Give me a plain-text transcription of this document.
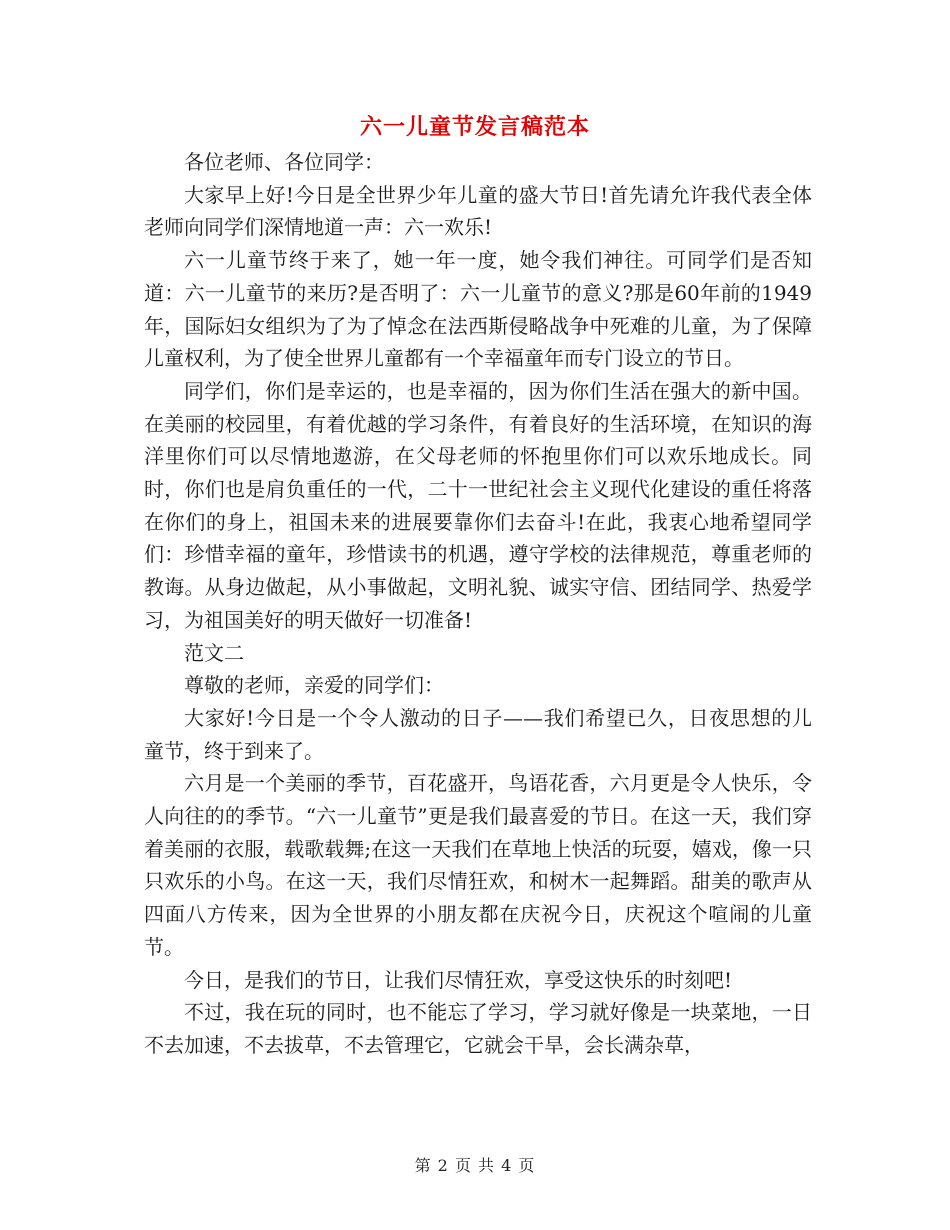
六一儿童节发言稿范本

各位老师、各位同学：

大家早上好!今日是全世界少年儿童的盛大节日!首先请允许我代表全体老师向同学们深情地道一声：六一欢乐!

六一儿童节终于来了，她一年一度，她令我们神往。可同学们是否知道：六一儿童节的来历?是否明了：六一儿童节的意义?那是60年前的1949年，国际妇女组织为了为了悼念在法西斯侵略战争中死难的儿童，为了保障儿童权利，为了使全世界儿童都有一个幸福童年而专门设立的节日。

同学们，你们是幸运的，也是幸福的，因为你们生活在强大的新中国。在美丽的校园里，有着优越的学习条件，有着良好的生活环境，在知识的海洋里你们可以尽情地遨游，在父母老师的怀抱里你们可以欢乐地成长。同时，你们也是肩负重任的一代，二十一世纪社会主义现代化建设的重任将落在你们的身上，祖国未来的进展要靠你们去奋斗!在此，我衷心地希望同学们：珍惜幸福的童年，珍惜读书的机遇，遵守学校的法律规范，尊重老师的教诲。从身边做起，从小事做起，文明礼貌、诚实守信、团结同学、热爱学习，为祖国美好的明天做好一切准备!

范文二

尊敬的老师，亲爱的同学们：

大家好!今日是一个令人激动的日子——我们希望已久，日夜思想的儿童节，终于到来了。

六月是一个美丽的季节，百花盛开，鸟语花香，六月更是令人快乐，令人向往的的季节。“六一儿童节”更是我们最喜爱的节日。在这一天，我们穿着美丽的衣服，载歌载舞;在这一天我们在草地上快活的玩耍，嬉戏，像一只只欢乐的小鸟。在这一天，我们尽情狂欢，和树木一起舞蹈。甜美的歌声从四面八方传来，因为全世界的小朋友都在庆祝今日，庆祝这个喧闹的儿童节。

今日，是我们的节日，让我们尽情狂欢，享受这快乐的时刻吧!

不过，我在玩的同时，也不能忘了学习，学习就好像是一块菜地，一日不去加速，不去拔草，不去管理它，它就会干旱，会长满杂草，

第 2 页 共 4 页
